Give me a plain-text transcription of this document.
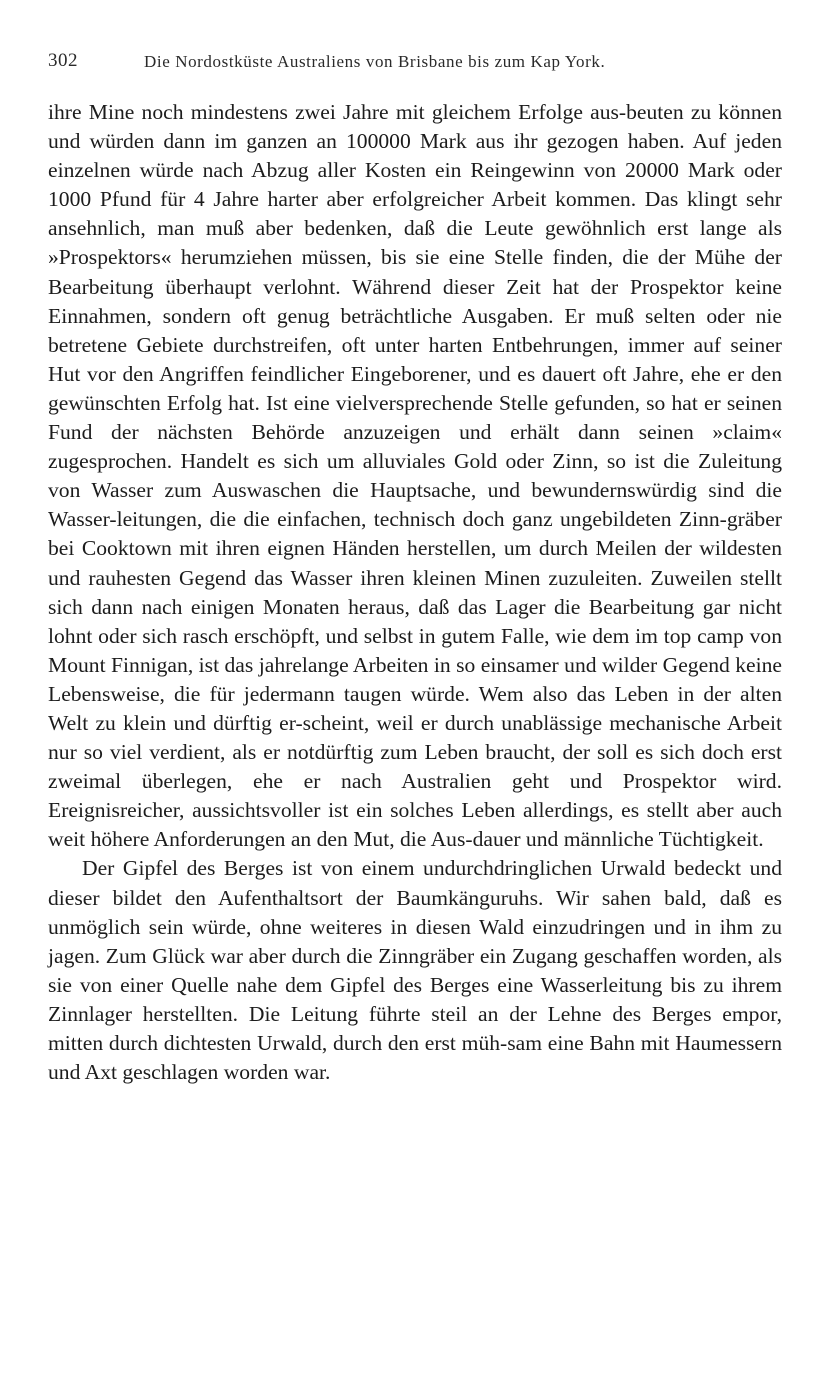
302	Die Nordostküste Australiens von Brisbane bis zum Kap York.

ihre Mine noch mindestens zwei Jahre mit gleichem Erfolge aus-beuten zu können und würden dann im ganzen an 100000 Mark aus ihr gezogen haben. Auf jeden einzelnen würde nach Abzug aller Kosten ein Reingewinn von 20000 Mark oder 1000 Pfund für 4 Jahre harter aber erfolgreicher Arbeit kommen. Das klingt sehr ansehnlich, man muß aber bedenken, daß die Leute gewöhnlich erst lange als »Prospektors« herumziehen müssen, bis sie eine Stelle finden, die der Mühe der Bearbeitung überhaupt verlohnt. Während dieser Zeit hat der Prospektor keine Einnahmen, sondern oft genug beträchtliche Ausgaben. Er muß selten oder nie betretene Gebiete durchstreifen, oft unter harten Entbehrungen, immer auf seiner Hut vor den Angriffen feindlicher Eingeborener, und es dauert oft Jahre, ehe er den gewünschten Erfolg hat. Ist eine vielversprechende Stelle gefunden, so hat er seinen Fund der nächsten Behörde anzuzeigen und erhält dann seinen »claim« zugesprochen. Handelt es sich um alluviales Gold oder Zinn, so ist die Zuleitung von Wasser zum Auswaschen die Hauptsache, und bewundernswürdig sind die Wasser-leitungen, die die einfachen, technisch doch ganz ungebildeten Zinn-gräber bei Cooktown mit ihren eignen Händen herstellen, um durch Meilen der wildesten und rauhesten Gegend das Wasser ihren kleinen Minen zuzuleiten. Zuweilen stellt sich dann nach einigen Monaten heraus, daß das Lager die Bearbeitung gar nicht lohnt oder sich rasch erschöpft, und selbst in gutem Falle, wie dem im top camp von Mount Finnigan, ist das jahrelange Arbeiten in so einsamer und wilder Gegend keine Lebensweise, die für jedermann taugen würde. Wem also das Leben in der alten Welt zu klein und dürftig er-scheint, weil er durch unablässige mechanische Arbeit nur so viel verdient, als er notdürftig zum Leben braucht, der soll es sich doch erst zweimal überlegen, ehe er nach Australien geht und Prospektor wird. Ereignisreicher, aussichtsvoller ist ein solches Leben allerdings, es stellt aber auch weit höhere Anforderungen an den Mut, die Aus-dauer und männliche Tüchtigkeit.

Der Gipfel des Berges ist von einem undurchdringlichen Urwald bedeckt und dieser bildet den Aufenthaltsort der Baumkänguruhs. Wir sahen bald, daß es unmöglich sein würde, ohne weiteres in diesen Wald einzudringen und in ihm zu jagen. Zum Glück war aber durch die Zinngräber ein Zugang geschaffen worden, als sie von einer Quelle nahe dem Gipfel des Berges eine Wasserleitung bis zu ihrem Zinnlager herstellten. Die Leitung führte steil an der Lehne des Berges empor, mitten durch dichtesten Urwald, durch den erst müh-sam eine Bahn mit Haumessern und Axt geschlagen worden war.
